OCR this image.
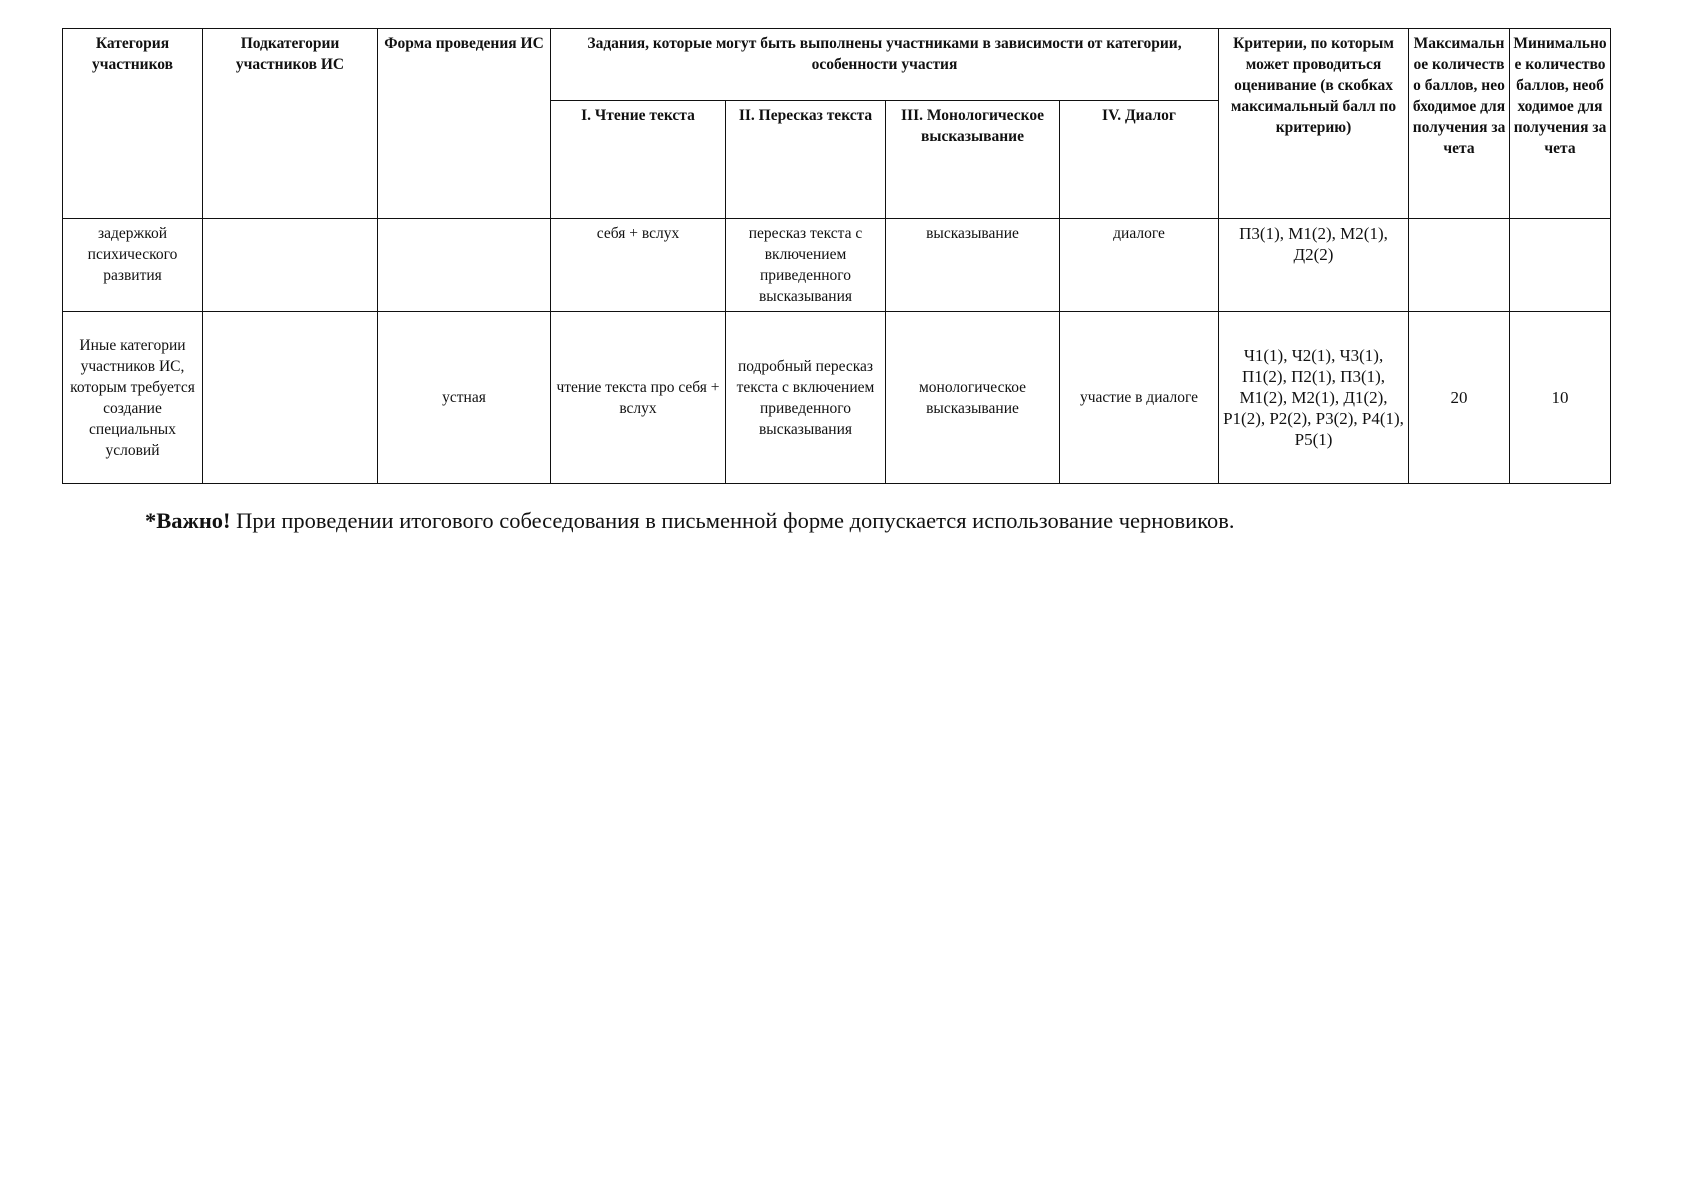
Категория участников	Подкатегории участников ИС	Форма проведения ИС	Задания, которые могут быть выполнены участниками в зависимости от категории, особенности участия				Критерии, по которым может проводиться оценивание (в скобках максимальный балл по критерию)	Максимальное количество баллов, необходимое для получения зачета	Минимальное количество баллов, необходимое для получения зачета
			I. Чтение текста	II. Пересказ текста	III. Монологическое высказывание	IV. Диалог			
задержкой психического развития			себя + вслух	пересказ текста с включением приведенного высказывания	высказывание	диалоге	П3(1), М1(2), М2(1), Д2(2)		
Иные категории участников ИС, которым требуется создание специальных условий		устная	чтение текста про себя + вслух	подробный пересказ текста с включением приведенного высказывания	монологическое высказывание	участие в диалоге	Ч1(1), Ч2(1), Ч3(1), П1(2), П2(1), П3(1), М1(2), М2(1), Д1(2), Р1(2), Р2(2), Р3(2), Р4(1), Р5(1)	20	10
*Важно! При проведении итогового собеседования в письменной форме допускается использование черновиков.
